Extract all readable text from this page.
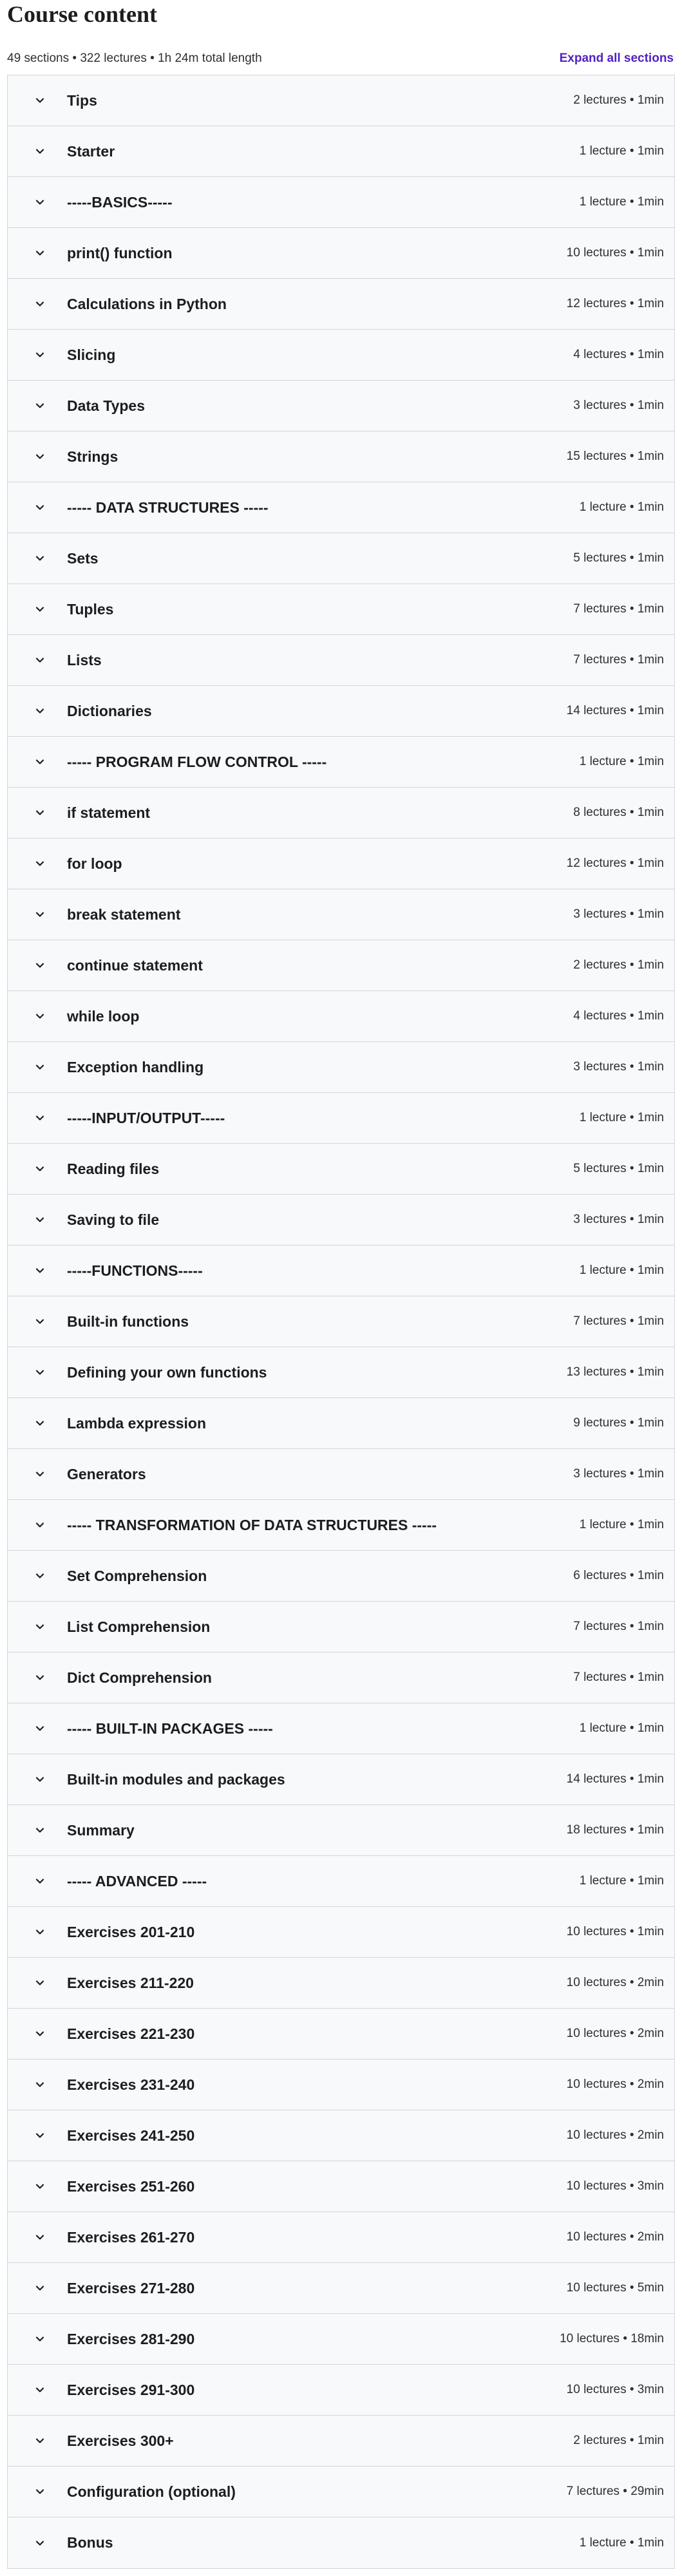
Course content
49 sections • 322 lectures • 1h 24m total length	Expand all sections
Tips	2 lectures • 1min
Starter	1 lecture • 1min
-----BASICS-----	1 lecture • 1min
print() function	10 lectures • 1min
Calculations in Python	12 lectures • 1min
Slicing	4 lectures • 1min
Data Types	3 lectures • 1min
Strings	15 lectures • 1min
----- DATA STRUCTURES -----	1 lecture • 1min
Sets	5 lectures • 1min
Tuples	7 lectures • 1min
Lists	7 lectures • 1min
Dictionaries	14 lectures • 1min
----- PROGRAM FLOW CONTROL -----	1 lecture • 1min
if statement	8 lectures • 1min
for loop	12 lectures • 1min
break statement	3 lectures • 1min
continue statement	2 lectures • 1min
while loop	4 lectures • 1min
Exception handling	3 lectures • 1min
-----INPUT/OUTPUT-----	1 lecture • 1min
Reading files	5 lectures • 1min
Saving to file	3 lectures • 1min
-----FUNCTIONS-----	1 lecture • 1min
Built-in functions	7 lectures • 1min
Defining your own functions	13 lectures • 1min
Lambda expression	9 lectures • 1min
Generators	3 lectures • 1min
----- TRANSFORMATION OF DATA STRUCTURES -----	1 lecture • 1min
Set Comprehension	6 lectures • 1min
List Comprehension	7 lectures • 1min
Dict Comprehension	7 lectures • 1min
----- BUILT-IN PACKAGES -----	1 lecture • 1min
Built-in modules and packages	14 lectures • 1min
Summary	18 lectures • 1min
----- ADVANCED -----	1 lecture • 1min
Exercises 201-210	10 lectures • 1min
Exercises 211-220	10 lectures • 2min
Exercises 221-230	10 lectures • 2min
Exercises 231-240	10 lectures • 2min
Exercises 241-250	10 lectures • 2min
Exercises 251-260	10 lectures • 3min
Exercises 261-270	10 lectures • 2min
Exercises 271-280	10 lectures • 5min
Exercises 281-290	10 lectures • 18min
Exercises 291-300	10 lectures • 3min
Exercises 300+	2 lectures • 1min
Configuration (optional)	7 lectures • 29min
Bonus	1 lecture • 1min
